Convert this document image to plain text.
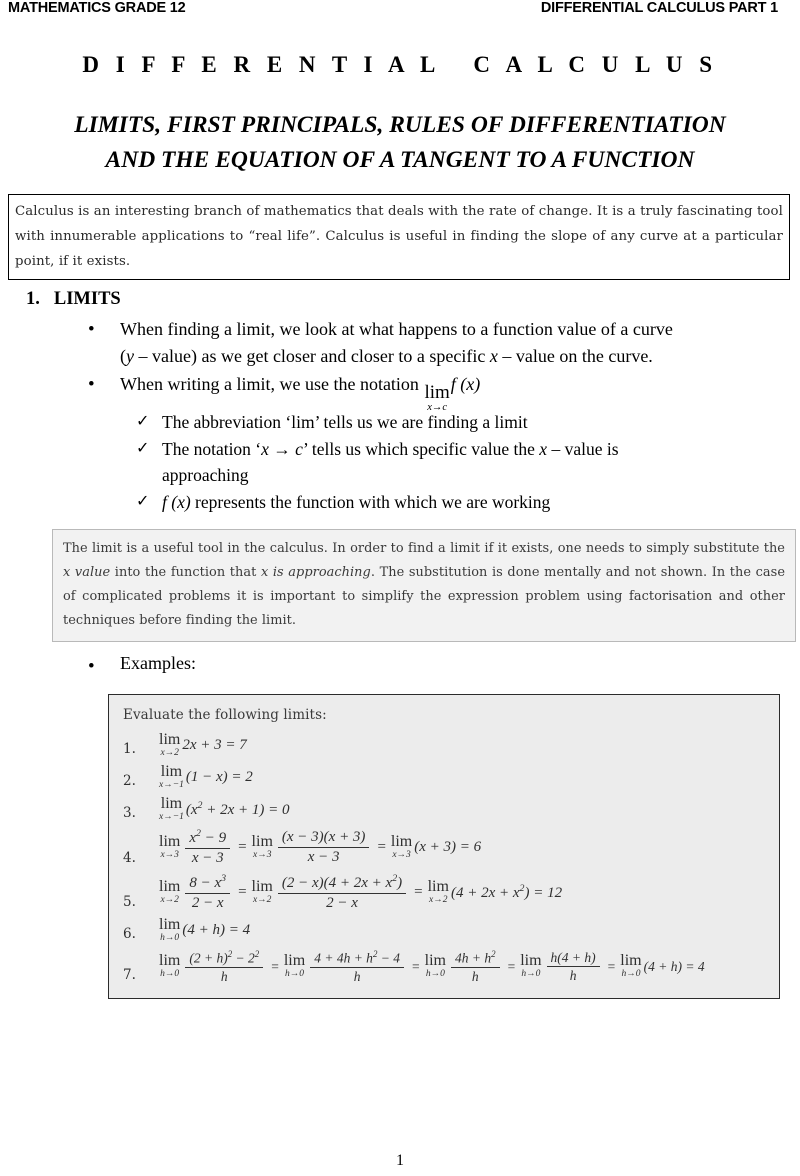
MATHEMATICS GRADE 12	DIFFERENTIAL CALCULUS PART 1
D I F F E R E N T I A L   C A L C U L U S
LIMITS, FIRST PRINCIPALS, RULES OF DIFFERENTIATION
AND THE EQUATION OF A TANGENT TO A FUNCTION

Calculus is an interesting branch of mathematics that deals with the rate of change. It is a truly fascinating tool with innumerable applications to “real life”. Calculus is useful in finding the slope of any curve at a particular point, if it exists.

1. LIMITS
•	When finding a limit, we look at what happens to a function value of a curve
(y – value) as we get closer and closer to a specific x – value on the curve.
•	When writing a limit, we use the notation lim
x→c
f (x)
✓ The abbreviation ‘lim’ tells us we are finding a limit
✓ The notation ‘x → c’ tells us which specific value the x – value is
approaching
✓ f (x) represents the function with which we are working

The limit is a useful tool in the calculus. In order to find a limit if it exists, one needs to simply substitute the x value into the function that x is approaching. The substitution is done mentally and not shown. In the case of complicated problems it is important to simplify the expression problem using factorisation and other techniques before finding the limit.

•	Examples:
Evaluate the following limits:
1.
lim
x→2 2x + 3 = 7
2.
lim
x→−1 (1 − x) = 2
3.
lim
x→−1 $(x^2 + 2x + 1) = 0$
4.
lim
$x\to 3 \frac{x^2 - 9}{x - 3} = \lim$
$x\to 3 \frac{(x - 3)(x + 3)}{x - 3} = \lim$
x→3 (x + 3) = 6
5.
lim
$x\to 2 \frac{8 - x^3}{2 - x} = \lim$
$x\to 2 \frac{(2 - x)(4 + 2x + x^2)}{2 - x} = \lim$
x→2 $(4 + 2x + x^2) = 12$
6.
lim
h→0 (4 + h) = 4
7.
lim
$h\to 0 \frac{(2 + h)^2 - 2^2}{h} = \lim$
$h\to 0 \frac{4 + 4h + h^2 - 4}{h} = \lim$
$h\to 0 \frac{4h + h^2}{h} = \lim$
$h\to 0 \frac{h(4 + h)}{h} = \lim$
h→0
(4 + h) = 4
1
